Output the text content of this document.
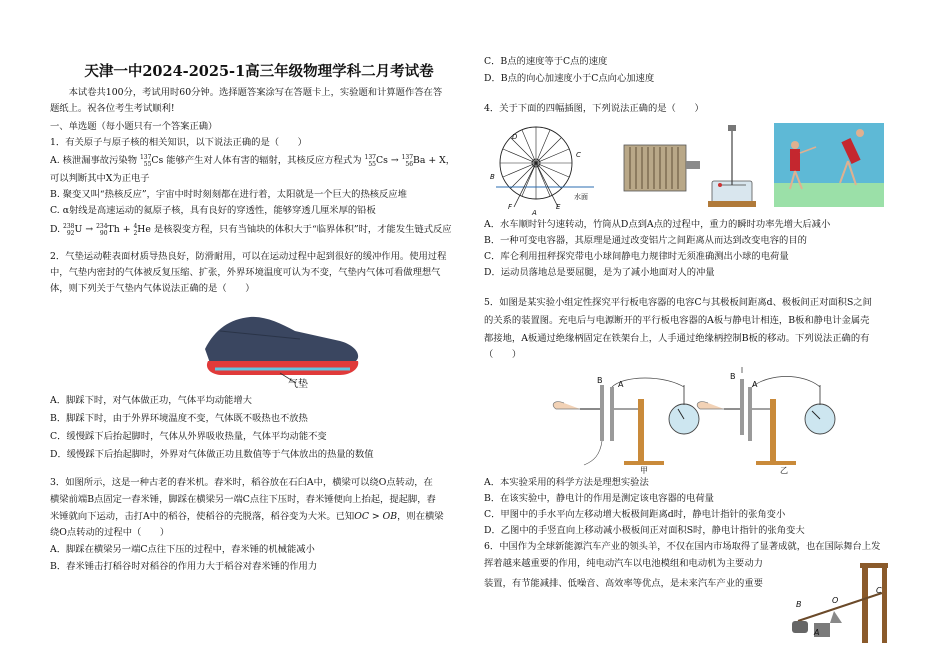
天津一中2024-2025-1高三年级物理学科二月考试卷
本试卷共100分，考试用时60分钟。选择题答案涂写在答题卡上，实验题和计算题作答在答
题纸上。祝各位考生考试顺利!
一、单选题（每小题只有一个答案正确）
1．有关原子与原子核的相关知识，以下说法正确的是（　　）
A. 核泄漏事故污染物 137
55Cs 能够产生对人体有害的辐射，其核反应方程式为 137
55Cs → 137
56Ba + X，
可以判断其中X为正电子
B. 聚变又叫“热核反应”，宇宙中时时刻刻都在进行着，太阳就是一个巨大的热核反应堆
C. α射线是高速运动的氦原子核，具有良好的穿透性，能够穿透几厘米厚的铅板
D. 238
92U → 234
90Th + 4
2He 是核裂变方程，只有当铀块的体积大于“临界体积”时，才能发生链式反应
2．气垫运动鞋表面材质导热良好，防滑耐用，可以在运动过程中起到很好的缓冲作用。使用过程
中，气垫内密封的气体被反复压缩、扩张，外界环境温度可认为不变，气垫内气体可看做理想气
体，则下列关于气垫内气体说法正确的是（　　）
气垫
A．脚踩下时，对气体做正功，气体平均动能增大
B．脚踩下时，由于外界环境温度不变，气体既不吸热也不放热
C．缓慢踩下后抬起脚时，气体从外界吸收热量，气体平均动能不变
D．缓慢踩下后抬起脚时，外界对气体做正功且数值等于气体放出的热量的数值
3．如图所示，这是一种古老的舂米机。舂米时，稻谷放在石臼A中，横梁可以绕O点转动，在
横梁前端B点固定一舂米锤，脚踩在横梁另一端C点往下压时，舂米锤便向上抬起，提起脚，舂
米锤就向下运动，击打A中的稻谷，使稻谷的壳脱落，稻谷变为大米。已知OC > OB，则在横梁
绕O点转动的过程中（　　）
A．脚踩在横梁另一端C点往下压的过程中，舂米锤的机械能减小
B．舂米锤击打稻谷时对稻谷的作用力大于稻谷对舂米锤的作用力
C．B点的速度等于C点的速度
D．B点的向心加速度小于C点向心加速度
4．关于下面的四幅插图，下列说法正确的是（　　）
D
C
B
F	E
A
水面
A．水车顺时针匀速转动，竹筒从D点到A点的过程中，重力的瞬时功率先增大后减小
B．一种可变电容器，其原理是通过改变铝片之间距离从而达到改变电容的目的
C．库仑利用扭秤探究带电小球间静电力规律时无须准确测出小球的电荷量
D．运动员落地总是要屈腿，是为了减小地面对人的冲量
5．如图是某实验小组定性探究平行板电容器的电容C与其极板间距离d、极板间正对面积S之间
的关系的装置图。充电后与电源断开的平行板电容器的A板与静电计相连，B板和静电计金属壳
都接地，A板通过绝缘柄固定在铁架台上，人手通过绝缘柄控制B板的移动。下列说法正确的有
（　　）
B A
B
A
甲	乙
A．本实验采用的科学方法是理想实验法
B．在该实验中，静电计的作用是测定该电容器的电荷量
C．甲图中的手水平向左移动增大板极间距离d时，静电计指针的张角变小
D．乙图中的手竖直向上移动减小极板间正对面积S时，静电计指针的张角变大
6．中国作为全球新能源汽车产业的领头羊，不仅在国内市场取得了显著成就，也在国际舞台上发
挥着越来越重要的作用，纯电动汽车以电池模组和电动机为主要动力
装置，有节能减排、低噪音、高效率等优点，是未来汽车产业的重要
B	O
C
A
